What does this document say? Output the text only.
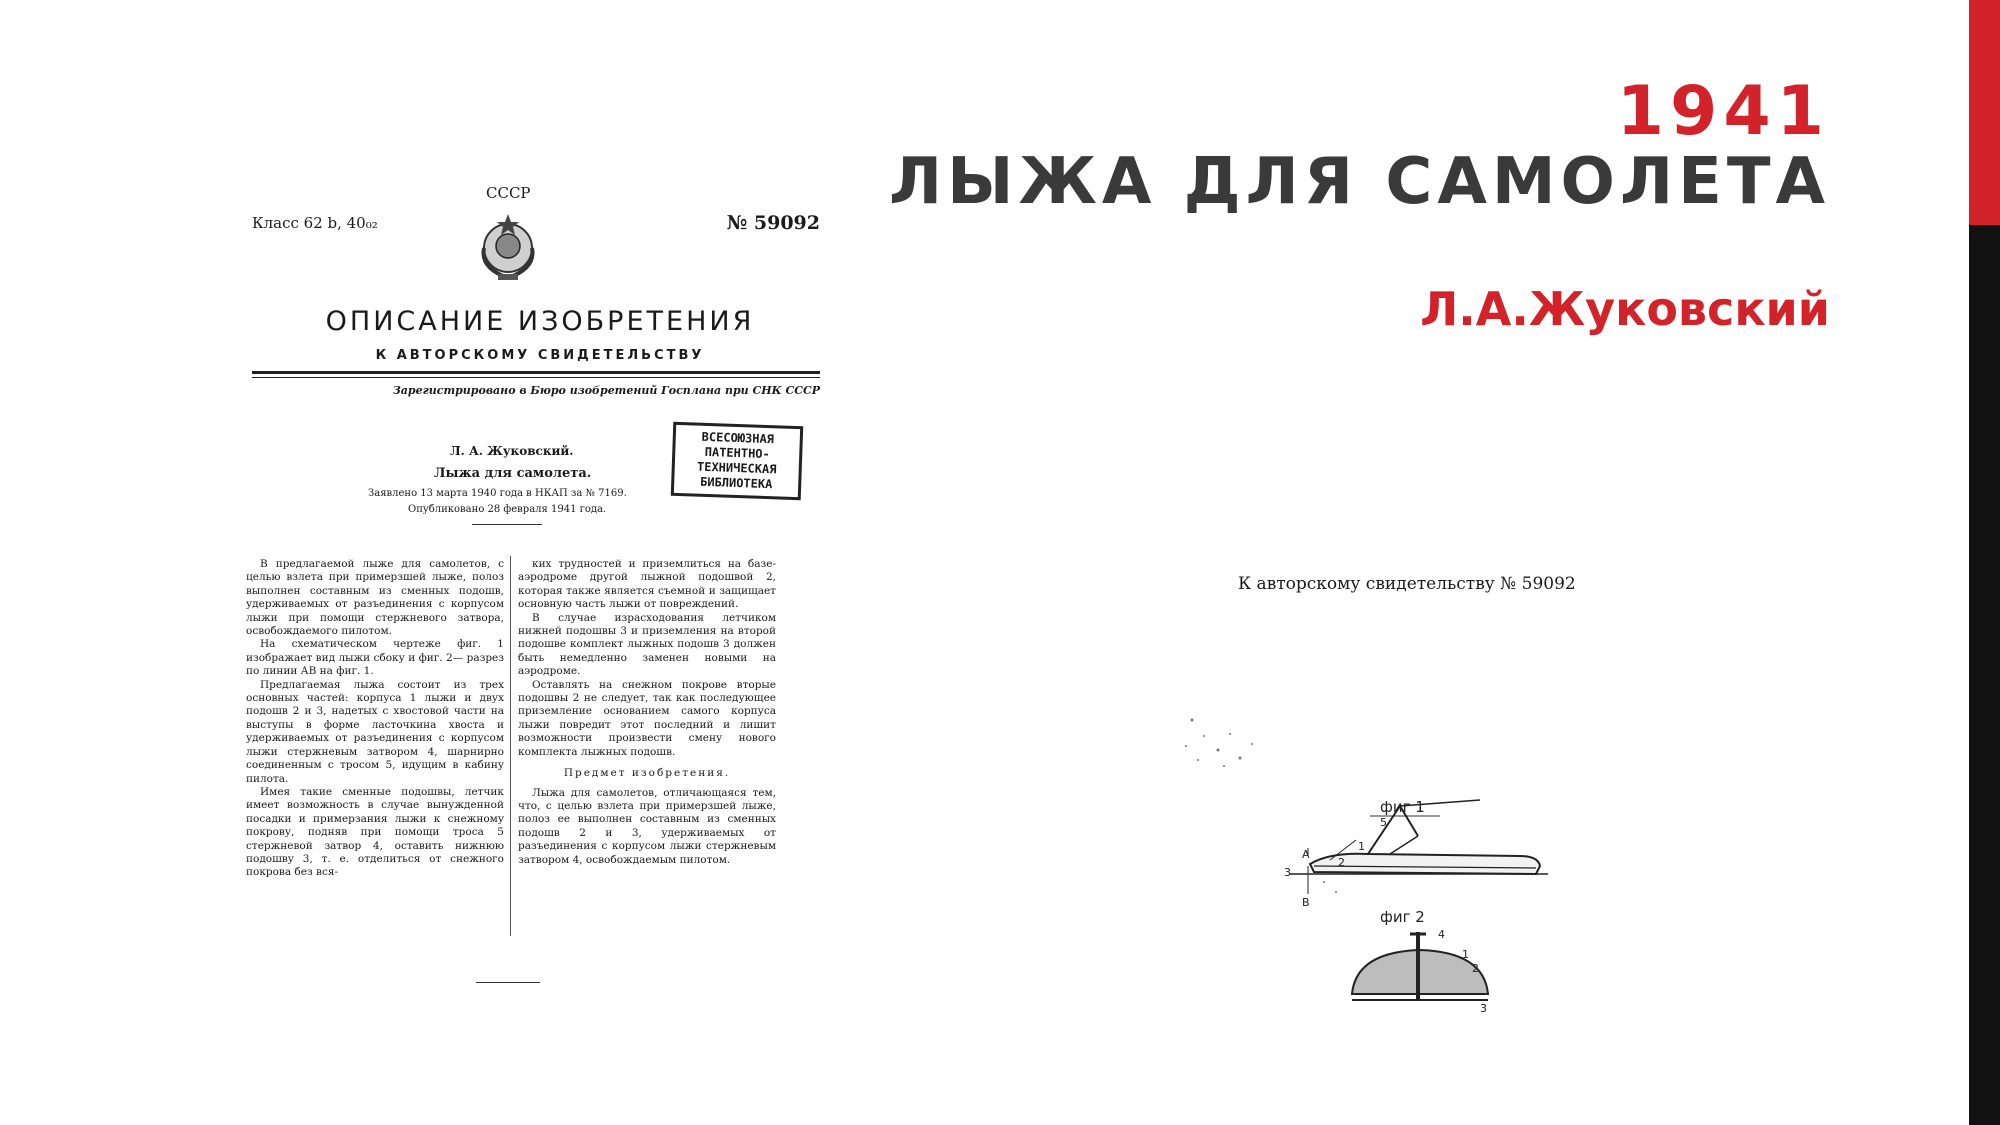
1941
ЛЫЖА ДЛЯ САМОЛЕТА
Л.А.Жуковский
СССР
Класс 62 b, 40₀₂	№ 59092
ОПИСАНИЕ ИЗОБРЕТЕНИЯ
К АВТОРСКОМУ СВИДЕТЕЛЬСТВУ
Зарегистрировано в Бюро изобретений Госплана при СНК СССР
Л. А. Жуковский.
Лыжа для самолета.
Заявлено 13 марта 1940 года в НКАП за № 7169.
Опубликовано 28 февраля 1941 года.
ВСЕСОЮЗНАЯ
ПАТЕНТНО-
ТЕХНИЧЕСКАЯ
БИБЛИОТЕКА

В предлагаемой лыже для самолетов, с целью взлета при примерзшей лыже, полоз выполнен составным из сменных подошв, удерживаемых от разъединения с корпусом лыжи при помощи стержневого затвора, освобождаемого пилотом.

На схематическом чертеже фиг. 1 изображает вид лыжи сбоку и фиг. 2— разрез по линии АВ на фиг. 1.

Предлагаемая лыжа состоит из трех основных частей: корпуса 1 лыжи и двух подошв 2 и 3, надетых с хвостовой части на выступы в форме ласточкина хвоста и удерживаемых от разъединения с корпусом лыжи стержневым затвором 4, шарнирно соединенным с тросом 5, идущим в кабину пилота.

Имея такие сменные подошвы, летчик имеет возможность в случае вынужденной посадки и примерзания лыжи к снежному покрову, подняв при помощи троса 5 стержневой затвор 4, оставить нижнюю подошву 3, т. е. отделиться от снежного покрова без вся-

ких трудностей и приземлиться на базе-аэродроме другой лыжной подошвой 2, которая также является съемной и защищает основную часть лыжи от повреждений.

В случае израсходования летчиком нижней подошвы 3 и приземления на второй подошве комплект лыжных подошв 3 должен быть немедленно заменен новыми на аэродроме.

Оставлять на снежном покрове вторые подошвы 2 не следует, так как последующее приземление основанием самого корпуса лыжи повредит этот последний и лишит возможности произвести смену нового комплекта лыжных подошв.

Предмет изобретения.

Лыжа для самолетов, отличающаяся тем, что, с целью взлета при примерзшей лыже, полоз ее выполнен составным из сменных подошв 2 и 3, удерживаемых от разъединения с корпусом лыжи стержневым затвором 4, освобождаемым пилотом.

К авторскому свидетельству № 59092
фиг 1
5
A
1
2
3
B
фиг 2
4
1
2
3
